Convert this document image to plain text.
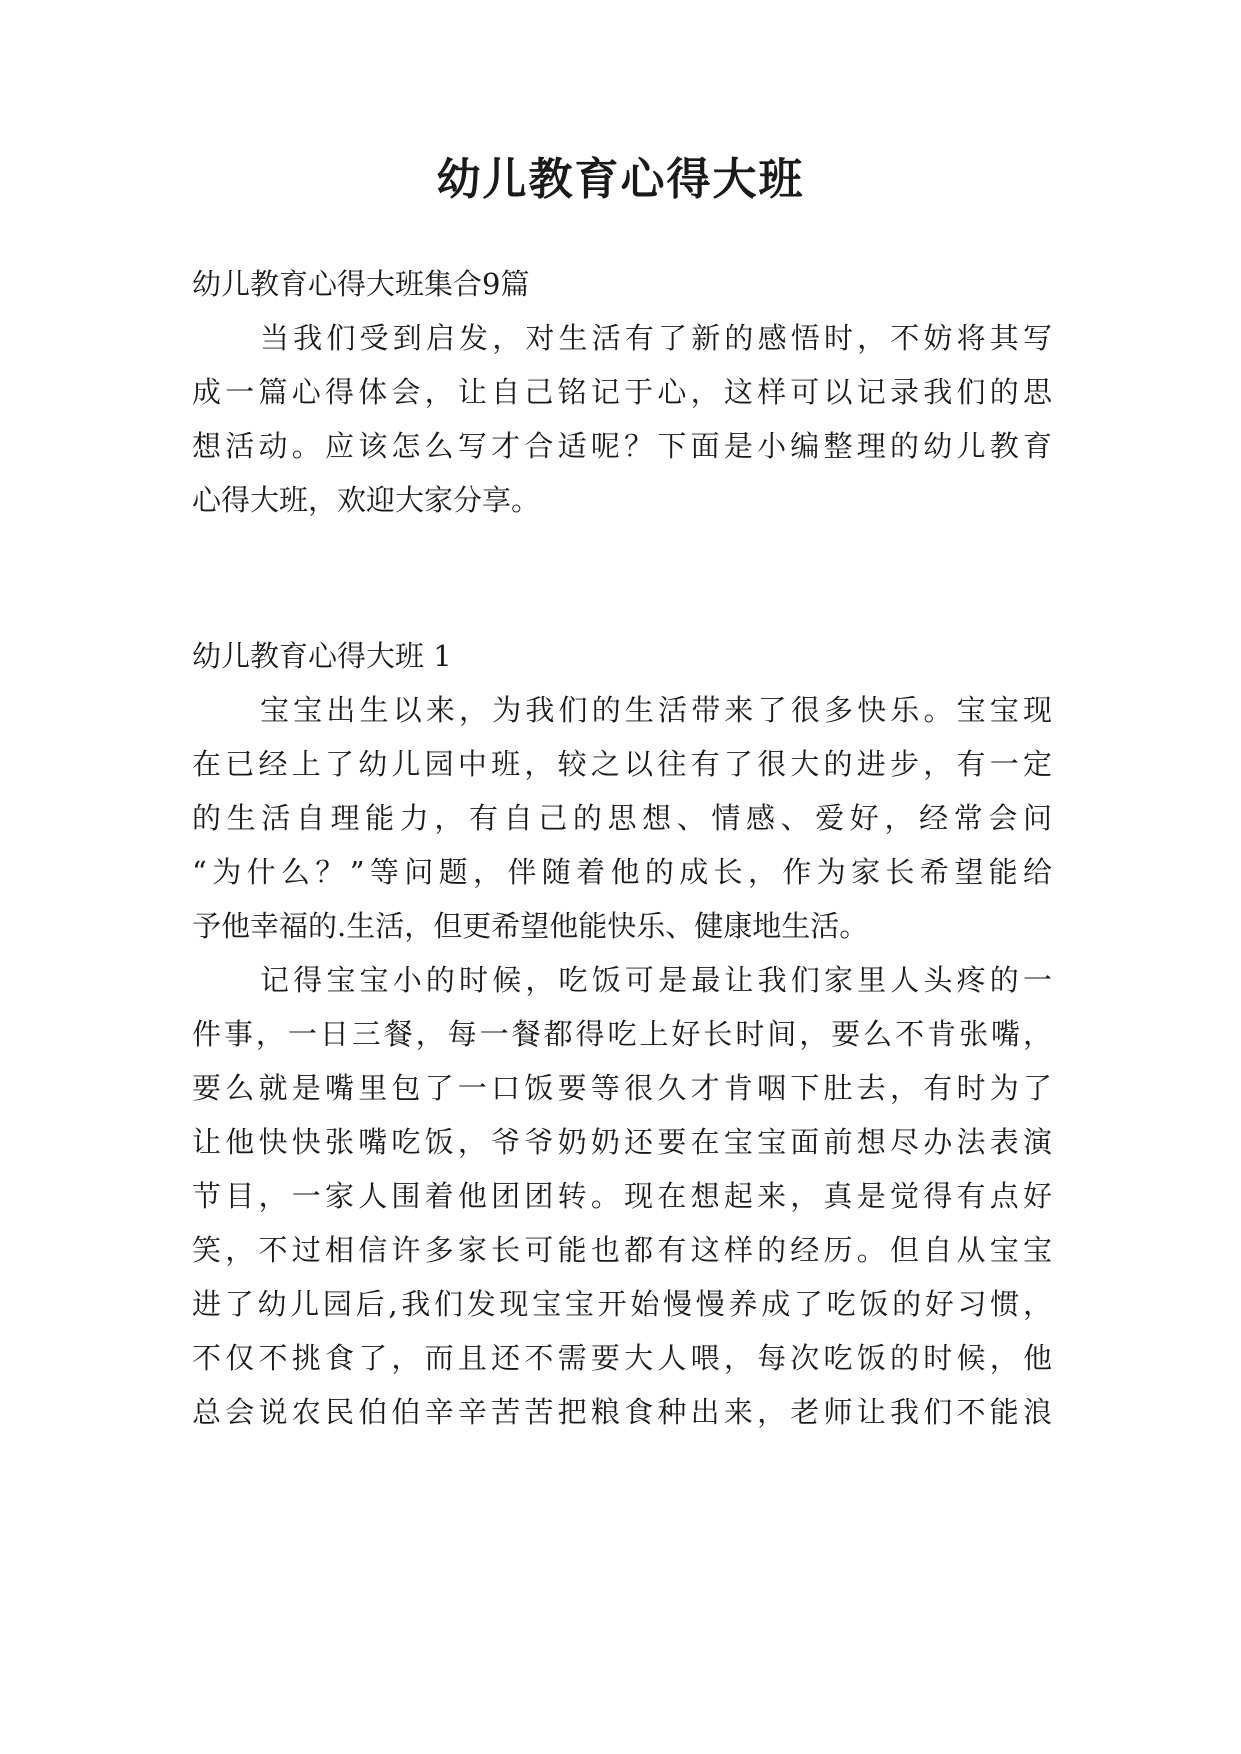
幼儿教育心得大班
幼儿教育心得大班集合9篇
当我们受到启发，对生活有了新的感悟时，不妨将其写
成一篇心得体会，让自己铭记于心，这样可以记录我们的思
想活动。应该怎么写才合适呢？下面是小编整理的幼儿教育
心得大班，欢迎大家分享。
幼儿教育心得大班 1
宝宝出生以来，为我们的生活带来了很多快乐。宝宝现
在已经上了幼儿园中班，较之以往有了很大的进步，有一定
的生活自理能力，有自己的思想、情感、爱好，经常会问
“为什么？”等问题，伴随着他的成长，作为家长希望能给
予他幸福的.生活，但更希望他能快乐、健康地生活。
记得宝宝小的时候，吃饭可是最让我们家里人头疼的一
件事，一日三餐，每一餐都得吃上好长时间，要么不肯张嘴，
要么就是嘴里包了一口饭要等很久才肯咽下肚去，有时为了
让他快快张嘴吃饭，爷爷奶奶还要在宝宝面前想尽办法表演
节目，一家人围着他团团转。现在想起来，真是觉得有点好
笑，不过相信许多家长可能也都有这样的经历。但自从宝宝
进了幼儿园后,我们发现宝宝开始慢慢养成了吃饭的好习惯，
不仅不挑食了，而且还不需要大人喂，每次吃饭的时候，他
总会说农民伯伯辛辛苦苦把粮食种出来，老师让我们不能浪
